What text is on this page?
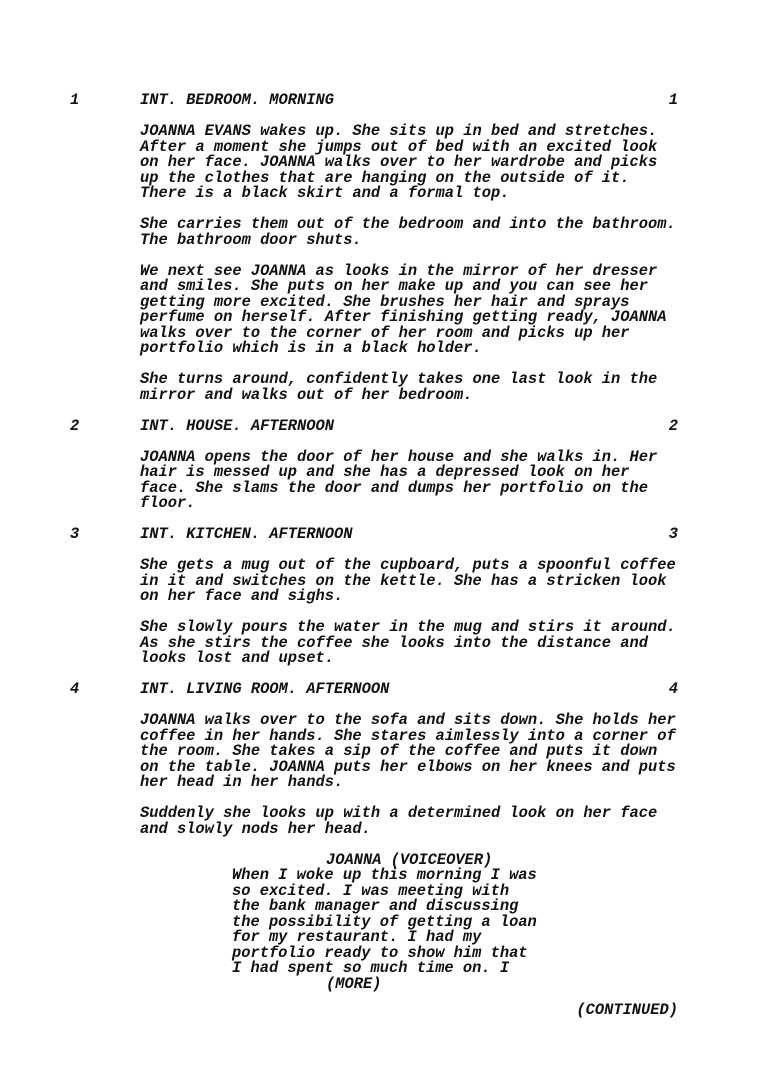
1	INT. BEDROOM. MORNING	1
JOANNA EVANS wakes up. She sits up in bed and stretches.
After a moment she jumps out of bed with an excited look
on her face. JOANNA walks over to her wardrobe and picks
up the clothes that are hanging on the outside of it.
There is a black skirt and a formal top.
She carries them out of the bedroom and into the bathroom.
The bathroom door shuts.
We next see JOANNA as looks in the mirror of her dresser
and smiles. She puts on her make up and you can see her
getting more excited. She brushes her hair and sprays
perfume on herself. After finishing getting ready, JOANNA
walks over to the corner of her room and picks up her
portfolio which is in a black holder.
She turns around, confidently takes one last look in the
mirror and walks out of her bedroom.
2	INT. HOUSE. AFTERNOON	2
JOANNA opens the door of her house and she walks in. Her
hair is messed up and she has a depressed look on her
face. She slams the door and dumps her portfolio on the
floor.
3	INT. KITCHEN. AFTERNOON	3
She gets a mug out of the cupboard, puts a spoonful coffee
in it and switches on the kettle. She has a stricken look
on her face and sighs.
She slowly pours the water in the mug and stirs it around.
As she stirs the coffee she looks into the distance and
looks lost and upset.
4	INT. LIVING ROOM. AFTERNOON	4
JOANNA walks over to the sofa and sits down. She holds her
coffee in her hands. She stares aimlessly into a corner of
the room. She takes a sip of the coffee and puts it down
on the table. JOANNA puts her elbows on her knees and puts
her head in her hands.
Suddenly she looks up with a determined look on her face
and slowly nods her head.
JOANNA (VOICEOVER)
When I woke up this morning I was
so excited. I was meeting with
the bank manager and discussing
the possibility of getting a loan
for my restaurant. I had my
portfolio ready to show him that
I had spent so much time on. I
(MORE)
(CONTINUED)
